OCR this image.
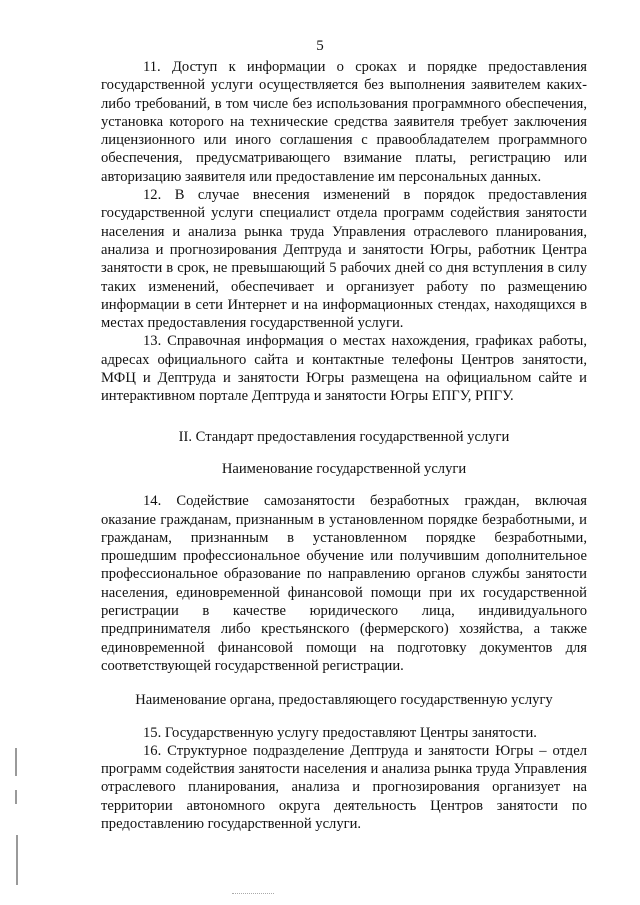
5

11. Доступ к информации о сроках и порядке предоставления государственной услуги осуществляется без выполнения заявителем каких-либо требований, в том числе без использования программного обеспечения, установка которого на технические средства заявителя требует заключения лицензионного или иного соглашения с правообладателем программного обеспечения, предусматривающего взимание платы, регистрацию или авторизацию заявителя или предоставление им персональных данных.

12. В случае внесения изменений в порядок предоставления государственной услуги специалист отдела программ содействия занятости населения и анализа рынка труда Управления отраслевого планирования, анализа и прогнозирования Дептруда и занятости Югры, работник Центра занятости в срок, не превышающий 5 рабочих дней со дня вступления в силу таких изменений, обеспечивает и организует работу по размещению информации в сети Интернет и на информационных стендах, находящихся в местах предоставления государственной услуги.

13. Справочная информация о местах нахождения, графиках работы, адресах официального сайта и контактные телефоны Центров занятости, МФЦ и Дептруда и занятости Югры размещена на официальном сайте и интерактивном портале Дептруда и занятости Югры ЕПГУ, РПГУ.

II. Стандарт предоставления государственной услуги

Наименование государственной услуги

14. Содействие самозанятости безработных граждан, включая оказание гражданам, признанным в установленном порядке безработными, и гражданам, признанным в установленном порядке безработными, прошедшим профессиональное обучение или получившим дополнительное профессиональное образование по направлению органов службы занятости населения, единовременной финансовой помощи при их государственной регистрации в качестве юридического лица, индивидуального предпринимателя либо крестьянского (фермерского) хозяйства, а также единовременной финансовой помощи на подготовку документов для соответствующей государственной регистрации.

Наименование органа, предоставляющего государственную услугу

15. Государственную услугу предоставляют Центры занятости.

16. Структурное подразделение Дептруда и занятости Югры – отдел программ содействия занятости населения и анализа рынка труда Управления отраслевого планирования, анализа и прогнозирования организует на территории автономного округа деятельность Центров занятости по предоставлению государственной услуги.
